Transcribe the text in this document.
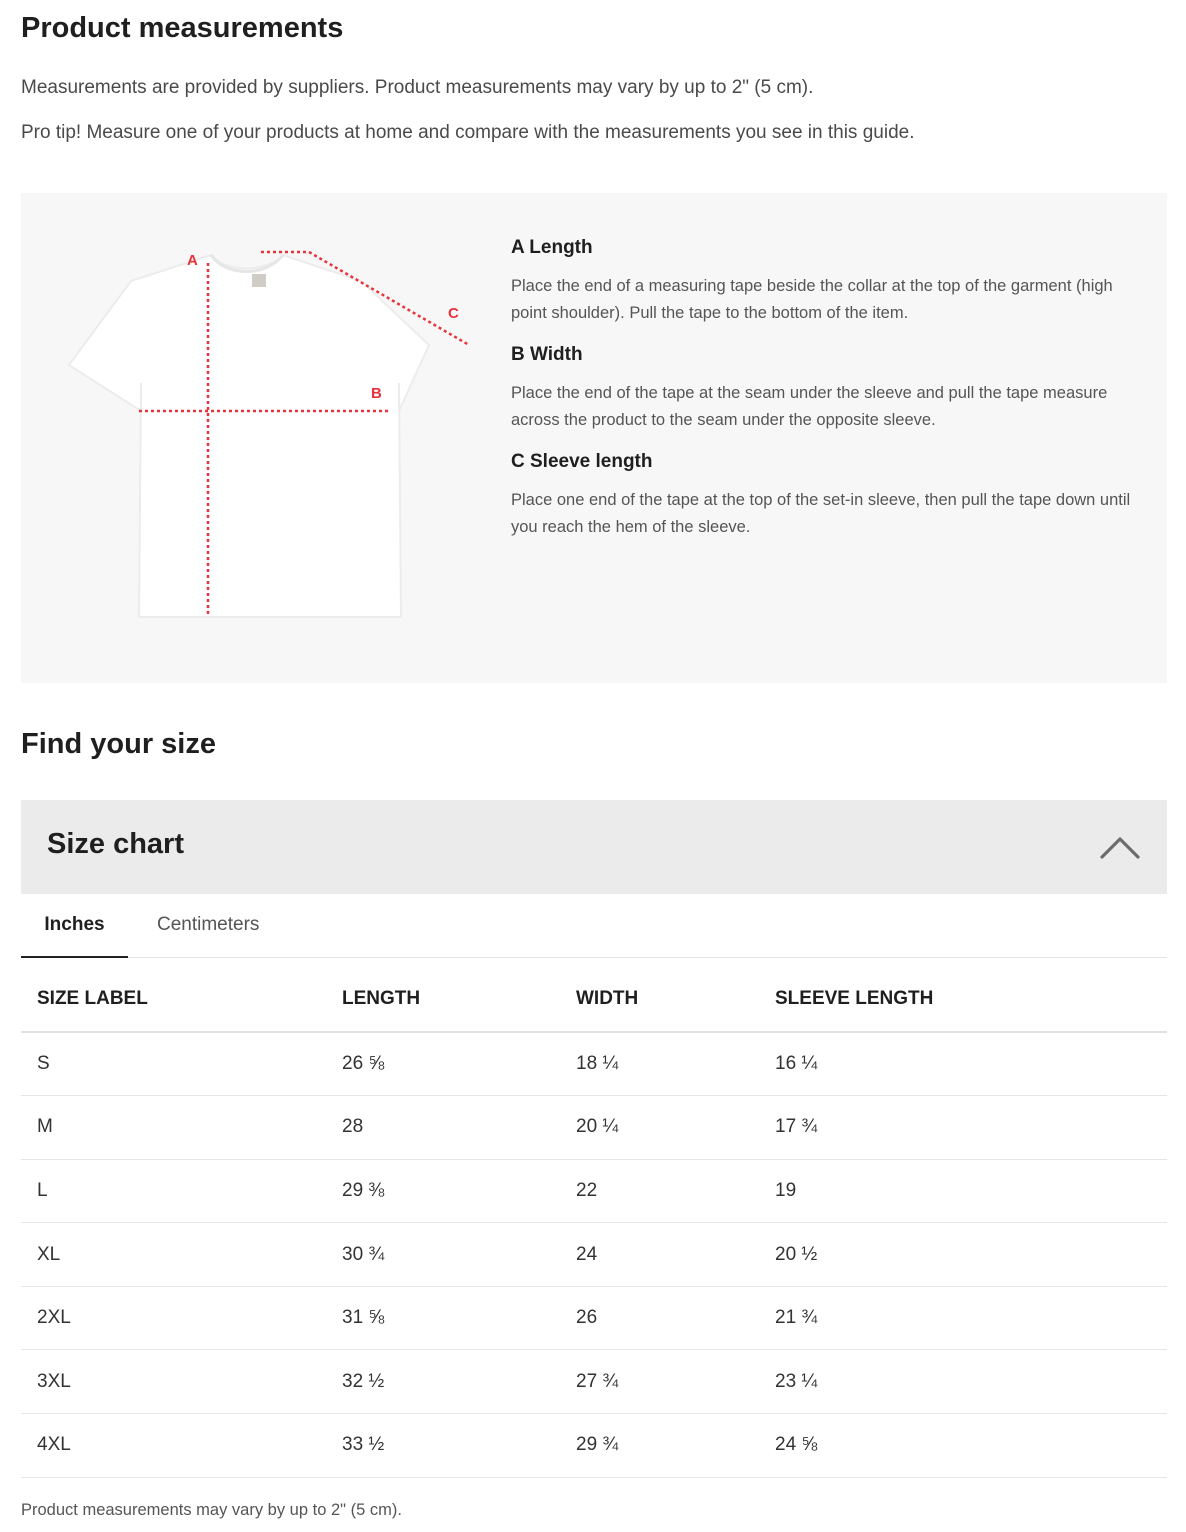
Product measurements

Measurements are provided by suppliers. Product measurements may vary by up to 2" (5 cm).

Pro tip! Measure one of your products at home and compare with the measurements you see in this guide.

A
B
C
A Length

Place the end of a measuring tape beside the collar at the top of the garment (high point shoulder). Pull the tape to the bottom of the item.

B Width

Place the end of the tape at the seam under the sleeve and pull the tape measure across the product to the seam under the opposite sleeve.

C Sleeve length

Place one end of the tape at the top of the set-in sleeve, then pull the tape down until you reach the hem of the sleeve.

Find your size
Size chart
Inches	Centimeters
SIZE LABEL	LENGTH	WIDTH	SLEEVE LENGTH
S	26 ⅝	18 ¼	16 ¼
M	28	20 ¼	17 ¾
L	29 ⅜	22	19
XL	30 ¾	24	20 ½
2XL	31 ⅝	26	21 ¾
3XL	32 ½	27 ¾	23 ¼
4XL	33 ½	29 ¾	24 ⅝

Product measurements may vary by up to 2" (5 cm).
